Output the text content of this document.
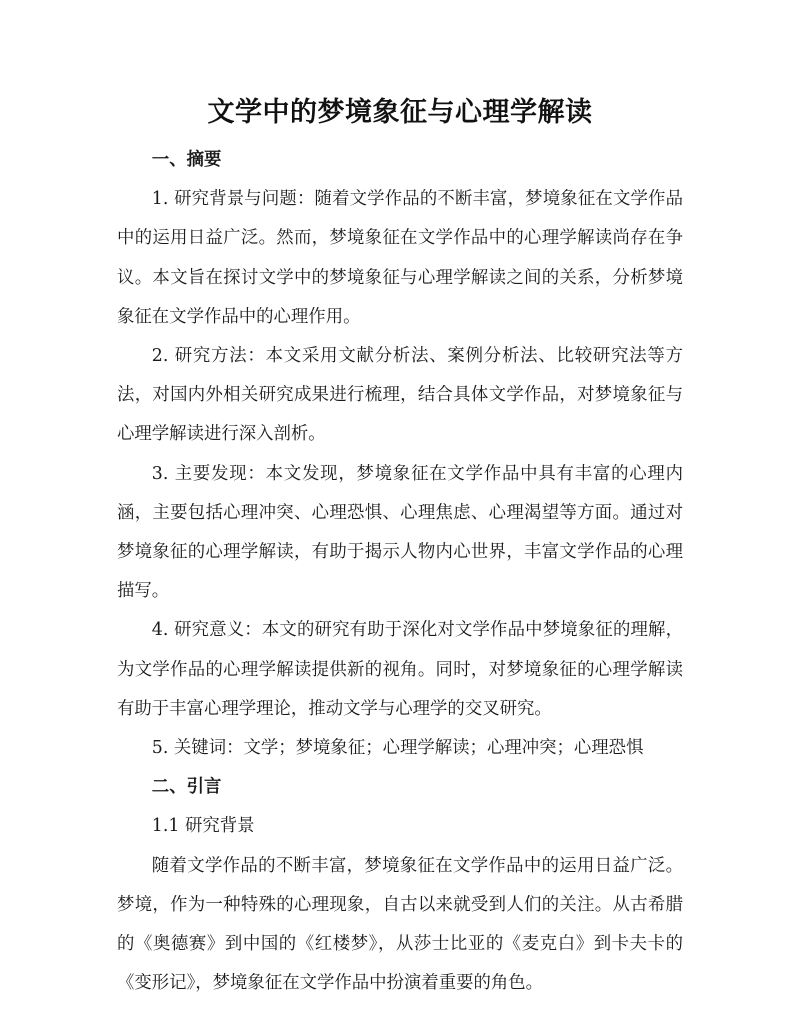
文学中的梦境象征与心理学解读

一、摘要

1. 研究背景与问题：随着文学作品的不断丰富，梦境象征在文学作品中的运用日益广泛。然而，梦境象征在文学作品中的心理学解读尚存在争议。本文旨在探讨文学中的梦境象征与心理学解读之间的关系，分析梦境象征在文学作品中的心理作用。

2. 研究方法：本文采用文献分析法、案例分析法、比较研究法等方法，对国内外相关研究成果进行梳理，结合具体文学作品，对梦境象征与心理学解读进行深入剖析。

3. 主要发现：本文发现，梦境象征在文学作品中具有丰富的心理内涵，主要包括心理冲突、心理恐惧、心理焦虑、心理渴望等方面。通过对梦境象征的心理学解读，有助于揭示人物内心世界，丰富文学作品的心理描写。

4. 研究意义：本文的研究有助于深化对文学作品中梦境象征的理解，为文学作品的心理学解读提供新的视角。同时，对梦境象征的心理学解读有助于丰富心理学理论，推动文学与心理学的交叉研究。

5. 关键词：文学；梦境象征；心理学解读；心理冲突；心理恐惧

二、引言

1.1 研究背景

随着文学作品的不断丰富，梦境象征在文学作品中的运用日益广泛。梦境，作为一种特殊的心理现象，自古以来就受到人们的关注。从古希腊的《奥德赛》到中国的《红楼梦》，从莎士比亚的《麦克白》到卡夫卡的《变形记》，梦境象征在文学作品中扮演着重要的角色。
